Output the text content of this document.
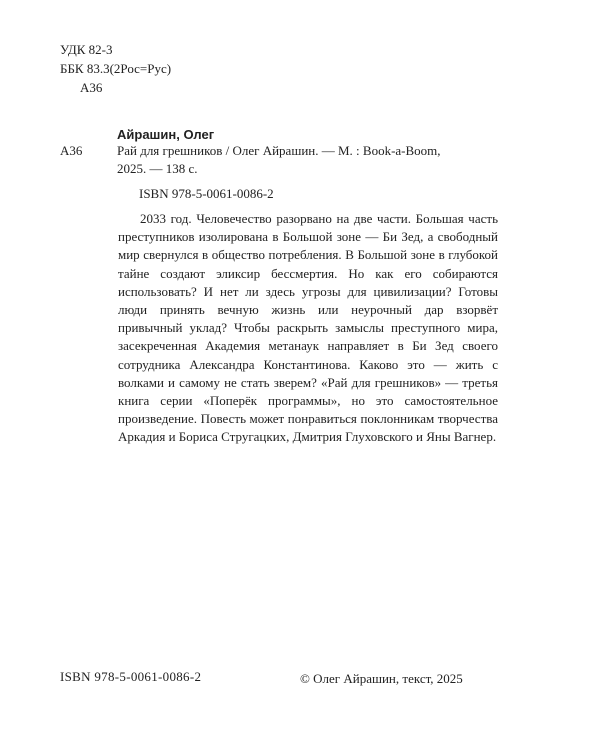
УДК 82-3
ББК 83.3(2Рос=Рус)
А36
Айрашин, Олег
А36	Рай для грешников / Олег Айрашин. — М. : Book-a-Boom,
2025. — 138 с.
ISBN 978-5-0061-0086-2

2033 год. Человечество разорвано на две части. Большая часть преступников изолирована в Большой зоне — Би Зед, а свободный мир свернулся в общество потребления. В Большой зоне в глубокой тайне создают эликсир бессмертия. Но как его собираются использовать? И нет ли здесь угрозы для цивилизации? Готовы люди принять вечную жизнь или неурочный дар взорвёт привычный уклад? Чтобы раскрыть замыслы преступного мира, засекреченная Академия метанаук направляет в Би Зед своего сотрудника Александра Константинова. Каково это — жить с волками и самому не стать зверем? «Рай для грешников» — третья книга серии «Поперёк программы», но это самостоятельное произведение. Повесть может понравиться поклонникам творчества Аркадия и Бориса Стругацких, Дмитрия Глуховского и Яны Вагнер.

ISBN 978-5-0061-0086-2	© Олег Айрашин, текст, 2025
